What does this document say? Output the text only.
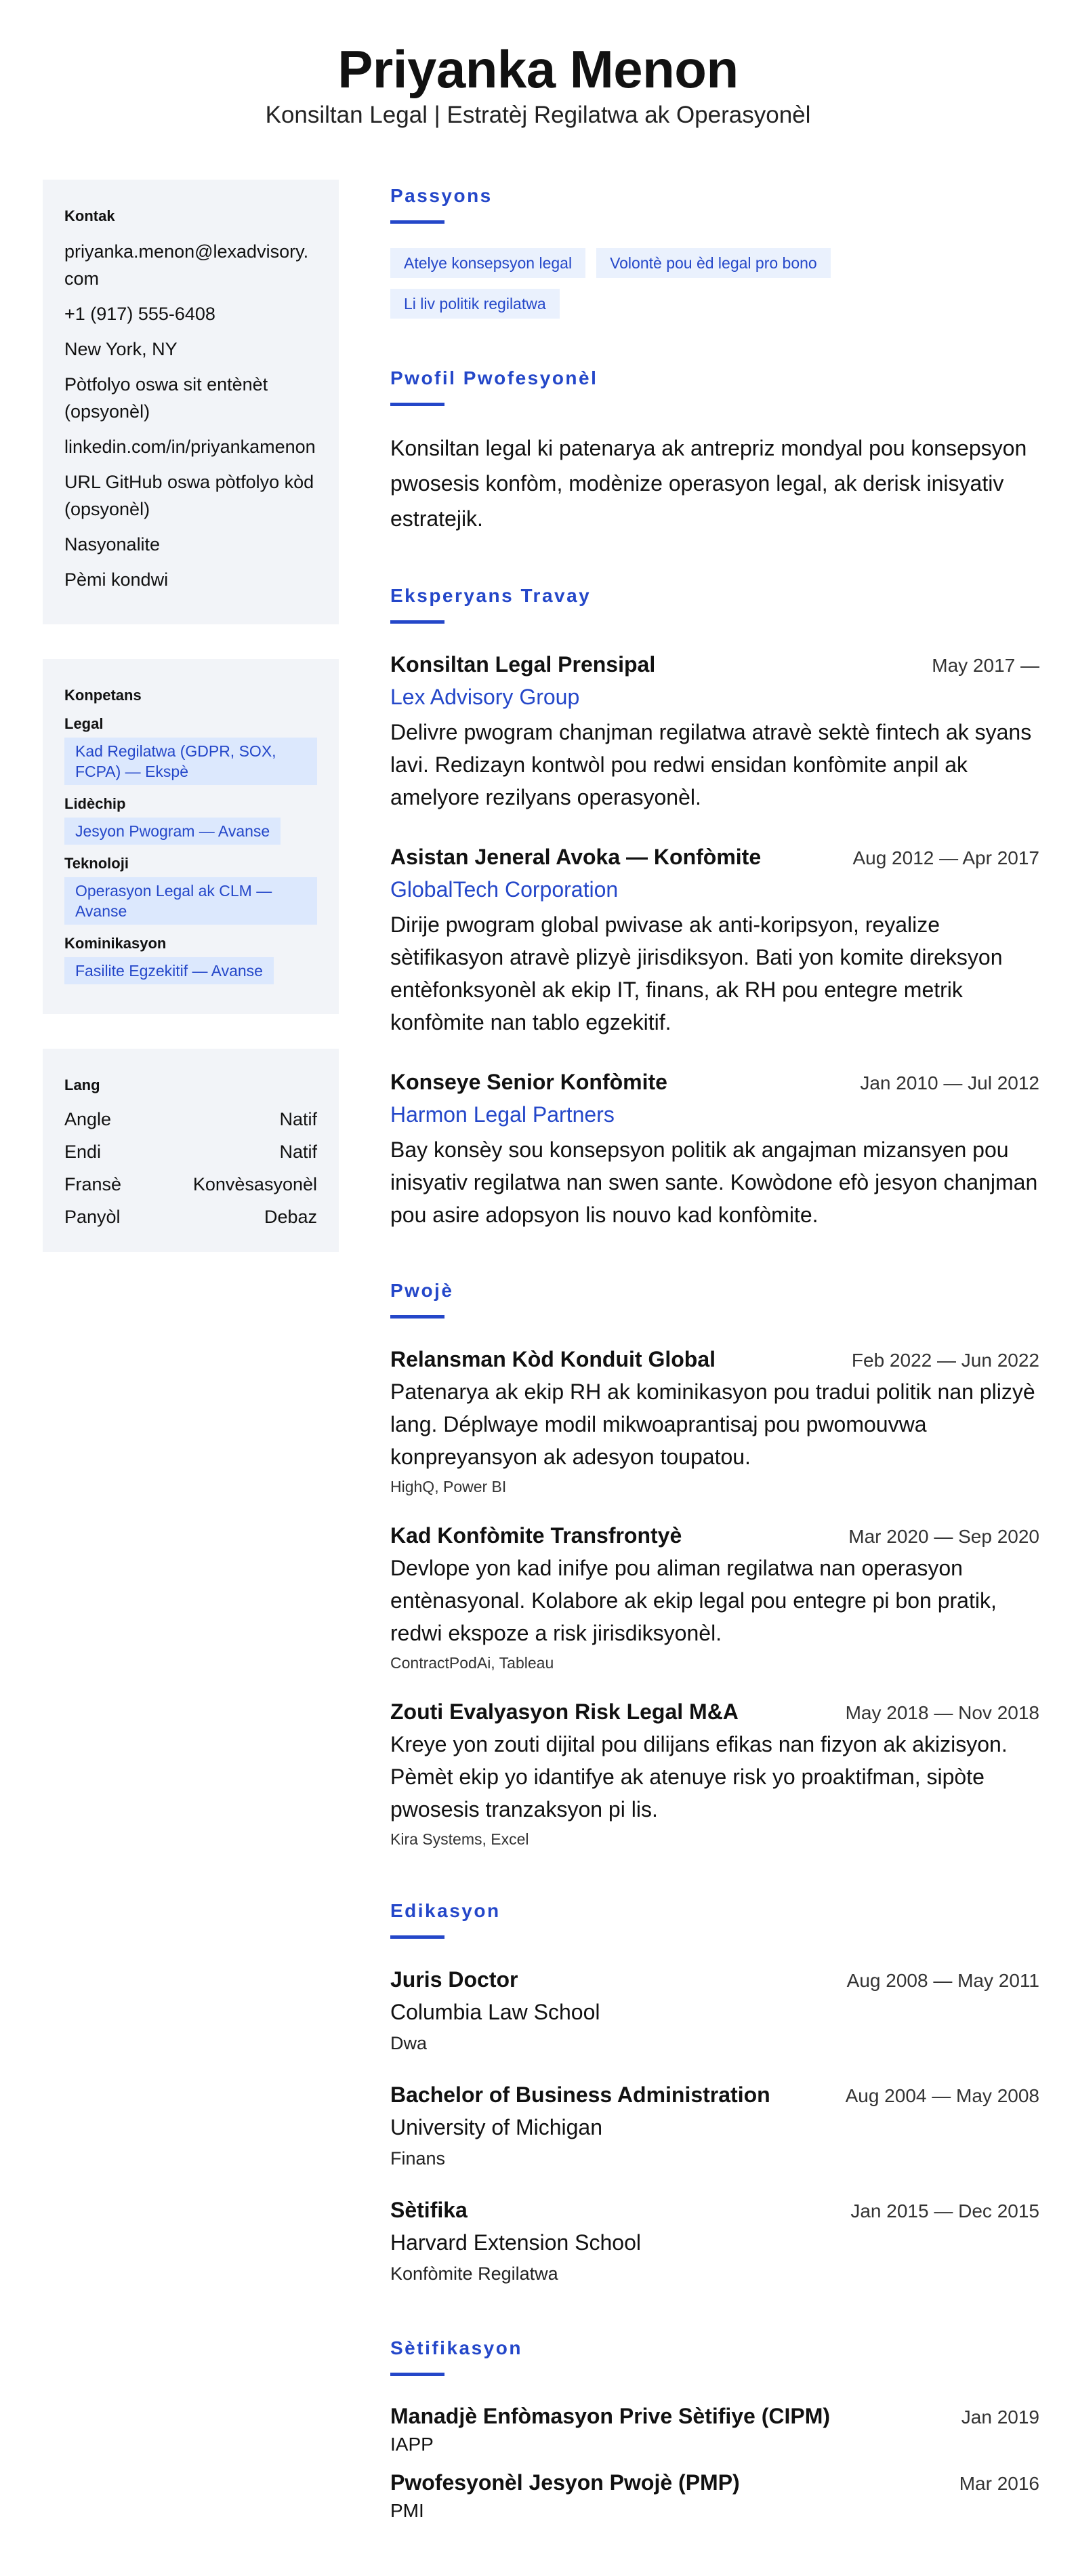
Priyanka Menon
Konsiltan Legal | Estratèj Regilatwa ak Operasyonèl
Kontak
priyanka.menon@lexadvisory.com
+1 (917) 555-6408
New York, NY
Pòtfolyo oswa sit entènèt (opsyonèl)
linkedin.com/in/priyankamenon
URL GitHub oswa pòtfolyo kòd (opsyonèl)
Nasyonalite
Pèmi kondwi
Konpetans
Legal
Kad Regilatwa (GDPR, SOX, FCPA) — Ekspè
Lidèchip
Jesyon Pwogram — Avanse
Teknoloji
Operasyon Legal ak CLM — Avanse
Kominikasyon
Fasilite Egzekitif — Avanse
Lang
Angle	Natif
Endi	Natif
Fransè	Konvèsasyonèl
Panyòl	Debaz
Passyons
Atelye konsepsyon legal	Volontè pou èd legal pro bono
Li liv politik regilatwa
Pwofil Pwofesyonèl

Konsiltan legal ki patenarya ak antrepriz mondyal pou konsepsyon pwosesis konfòm, modènize operasyon legal, ak derisk inisyativ estratejik.

Eksperyans Travay
Konsiltan Legal Prensipal	May 2017 —
Lex Advisory Group

Delivre pwogram chanjman regilatwa atravè sektè fintech ak syans lavi. Redizayn kontwòl pou redwi ensidan konfòmite anpil ak amelyore rezilyans operasyonèl.

Asistan Jeneral Avoka — Konfòmite	Aug 2012 — Apr 2017
GlobalTech Corporation

Dirije pwogram global pwivase ak anti-koripsyon, reyalize sètifikasyon atravè plizyè jirisdiksyon. Bati yon komite direksyon entèfonksyonèl ak ekip IT, finans, ak RH pou entegre metrik konfòmite nan tablo egzekitif.

Konseye Senior Konfòmite	Jan 2010 — Jul 2012
Harmon Legal Partners

Bay konsèy sou konsepsyon politik ak angajman mizansyen pou inisyativ regilatwa nan swen sante. Kowòdone efò jesyon chanjman pou asire adopsyon lis nouvo kad konfòmite.

Pwojè
Relansman Kòd Konduit Global	Feb 2022 — Jun 2022

Patenarya ak ekip RH ak kominikasyon pou tradui politik nan plizyè lang. Déplwaye modil mikwoaprantisaj pou pwomouvwa konpreyansyon ak adesyon toupatou.

HighQ, Power BI
Kad Konfòmite Transfrontyè	Mar 2020 — Sep 2020

Devlope yon kad inifye pou aliman regilatwa nan operasyon entènasyonal. Kolabore ak ekip legal pou entegre pi bon pratik, redwi ekspoze a risk jirisdiksyonèl.

ContractPodAi, Tableau
Zouti Evalyasyon Risk Legal M&A	May 2018 — Nov 2018

Kreye yon zouti dijital pou dilijans efikas nan fizyon ak akizisyon. Pèmèt ekip yo idantifye ak atenuye risk yo proaktifman, sipòte pwosesis tranzaksyon pi lis.

Kira Systems, Excel
Edikasyon
Juris Doctor	Aug 2008 — May 2011
Columbia Law School
Dwa
Bachelor of Business Administration	Aug 2004 — May 2008
University of Michigan
Finans
Sètifika	Jan 2015 — Dec 2015
Harvard Extension School
Konfòmite Regilatwa
Sètifikasyon
Manadjè Enfòmasyon Prive Sètifiye (CIPM)	Jan 2019
IAPP
Pwofesyonèl Jesyon Pwojè (PMP)	Mar 2016
PMI
